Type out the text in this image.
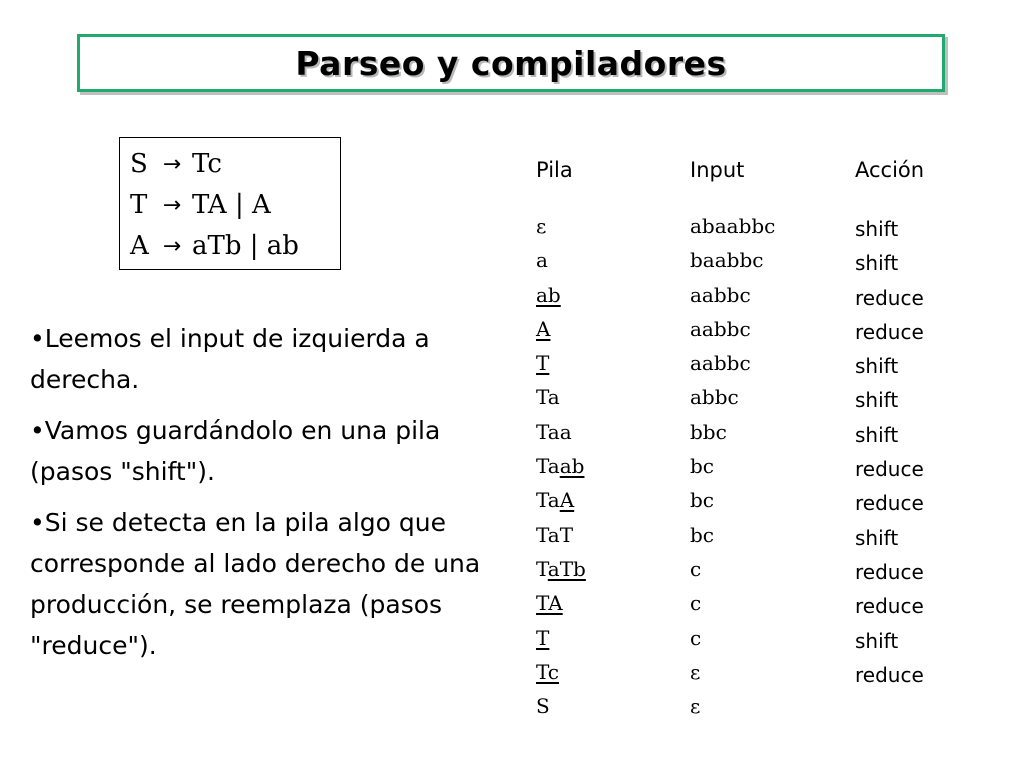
Parseo y compiladores
S → Tc
T → TA | A
A → aTb | ab
•Leemos el input de izquierda a derecha.
•Vamos guardándolo en una pila (pasos "shift").
•Si se detecta en la pila algo que corresponde al lado derecho de una producción, se reemplaza (pasos "reduce").
Pila	Input	Acción
ε
a
ab
A
T
Ta
Taa
Taab
TaA
TaT
TaTb
TA
T
Tc
S
abaabbc
baabbc
aabbc
aabbc
aabbc
abbc
bbc
bc
bc
bc
c
c
c
ε
ε
shift
shift
reduce
reduce
shift
shift
shift
reduce
reduce
shift
reduce
reduce
shift
reduce
